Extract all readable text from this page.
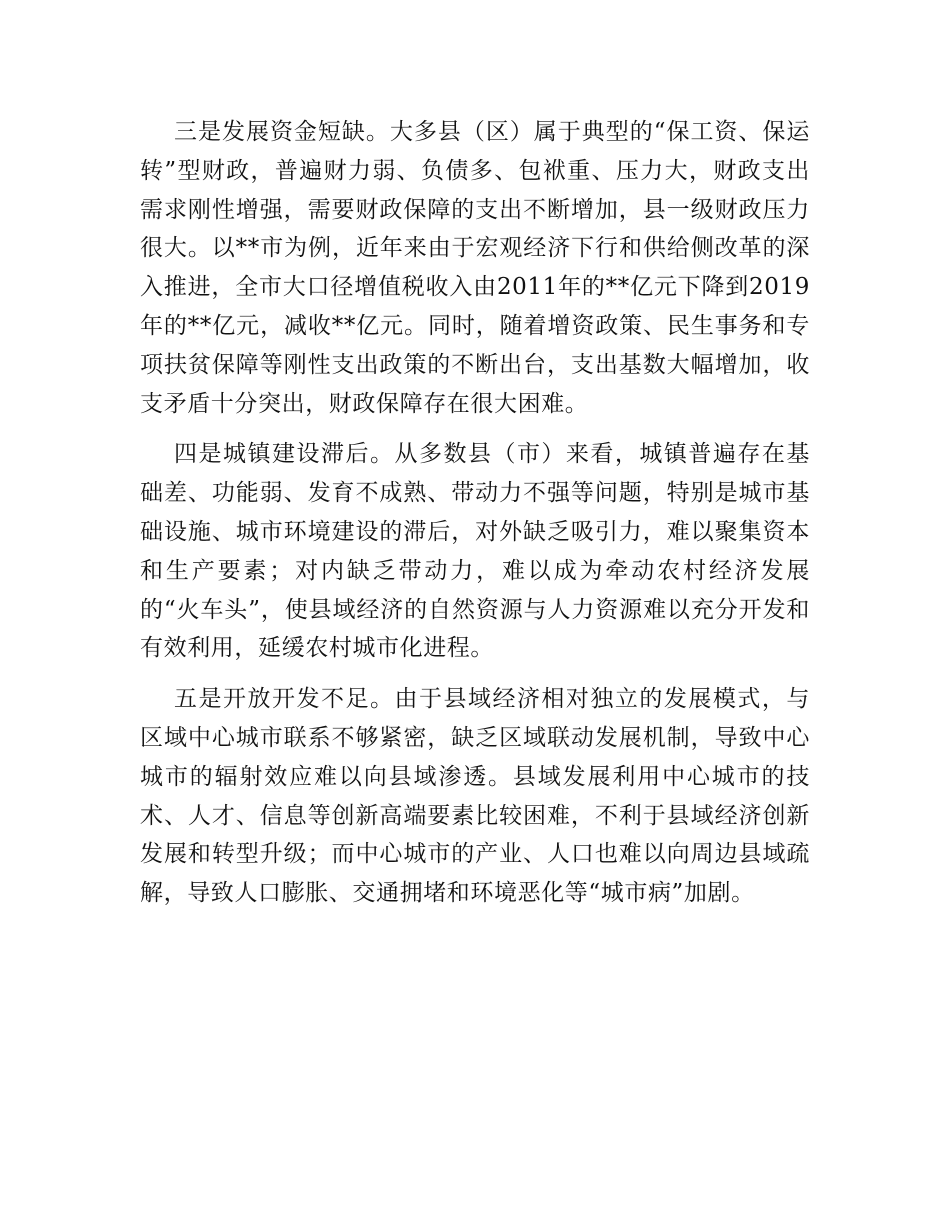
三是发展资金短缺。大多县（区）属于典型的“保工资、保运转”型财政，普遍财力弱、负债多、包袱重、压力大，财政支出需求刚性增强，需要财政保障的支出不断增加，县一级财政压力很大。以**市为例，近年来由于宏观经济下行和供给侧改革的深入推进，全市大口径增值税收入由2011年的**亿元下降到2019年的**亿元，减收**亿元。同时，随着增资政策、民生事务和专项扶贫保障等刚性支出政策的不断出台，支出基数大幅增加，收支矛盾十分突出，财政保障存在很大困难。

四是城镇建设滞后。从多数县（市）来看，城镇普遍存在基础差、功能弱、发育不成熟、带动力不强等问题，特别是城市基础设施、城市环境建设的滞后，对外缺乏吸引力，难以聚集资本和生产要素；对内缺乏带动力，难以成为牵动农村经济发展的“火车头”，使县域经济的自然资源与人力资源难以充分开发和有效利用，延缓农村城市化进程。

五是开放开发不足。由于县域经济相对独立的发展模式，与区域中心城市联系不够紧密，缺乏区域联动发展机制，导致中心城市的辐射效应难以向县域渗透。县域发展利用中心城市的技术、人才、信息等创新高端要素比较困难，不利于县域经济创新发展和转型升级；而中心城市的产业、人口也难以向周边县域疏解，导致人口膨胀、交通拥堵和环境恶化等“城市病”加剧。
